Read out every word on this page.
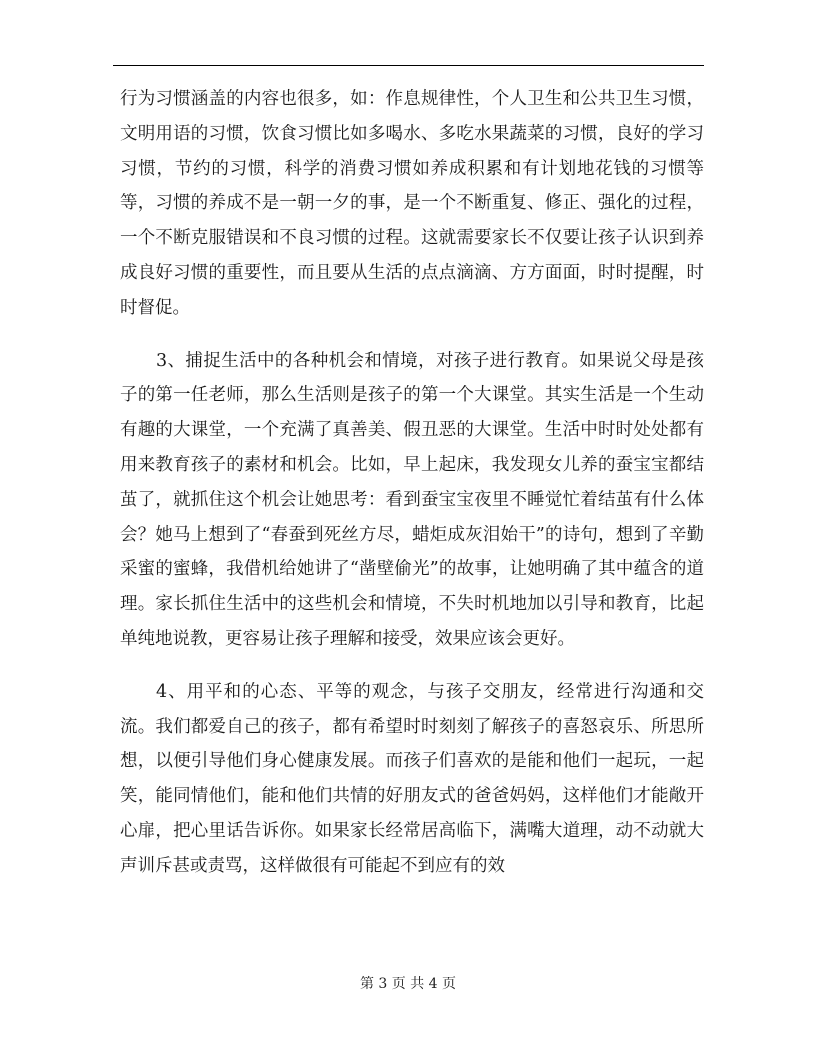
行为习惯涵盖的内容也很多，如：作息规律性，个人卫生和公共卫生习惯，文明用语的习惯，饮食习惯比如多喝水、多吃水果蔬菜的习惯，良好的学习习惯，节约的习惯，科学的消费习惯如养成积累和有计划地花钱的习惯等等，习惯的养成不是一朝一夕的事，是一个不断重复、修正、强化的过程，一个不断克服错误和不良习惯的过程。这就需要家长不仅要让孩子认识到养成良好习惯的重要性，而且要从生活的点点滴滴、方方面面，时时提醒，时时督促。

3、捕捉生活中的各种机会和情境，对孩子进行教育。如果说父母是孩子的第一任老师，那么生活则是孩子的第一个大课堂。其实生活是一个生动有趣的大课堂，一个充满了真善美、假丑恶的大课堂。生活中时时处处都有用来教育孩子的素材和机会。比如，早上起床，我发现女儿养的蚕宝宝都结茧了，就抓住这个机会让她思考：看到蚕宝宝夜里不睡觉忙着结茧有什么体会？她马上想到了“春蚕到死丝方尽，蜡炬成灰泪始干”的诗句，想到了辛勤采蜜的蜜蜂，我借机给她讲了“凿壁偷光”的故事，让她明确了其中蕴含的道理。家长抓住生活中的这些机会和情境，不失时机地加以引导和教育，比起单纯地说教，更容易让孩子理解和接受，效果应该会更好。

4、用平和的心态、平等的观念，与孩子交朋友，经常进行沟通和交流。我们都爱自己的孩子，都有希望时时刻刻了解孩子的喜怒哀乐、所思所想，以便引导他们身心健康发展。而孩子们喜欢的是能和他们一起玩，一起笑，能同情他们，能和他们共情的好朋友式的爸爸妈妈，这样他们才能敞开心扉，把心里话告诉你。如果家长经常居高临下，满嘴大道理，动不动就大声训斥甚或责骂，这样做很有可能起不到应有的效

第 3 页 共 4 页
